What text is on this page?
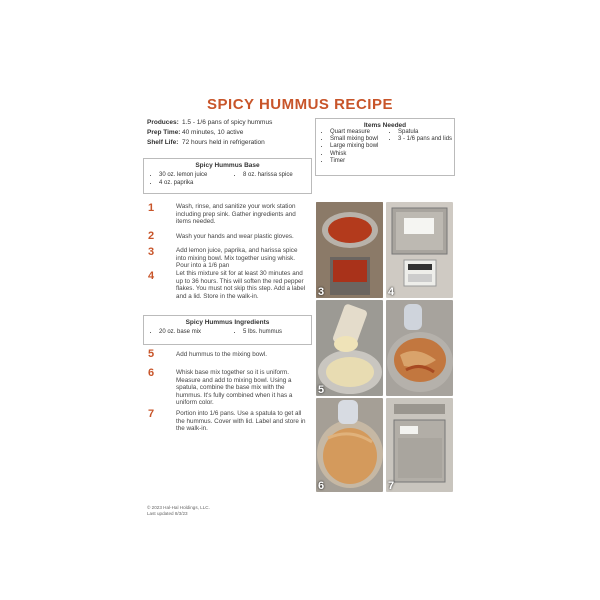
SPICY HUMMUS RECIPE
Produces: 1.5 - 1/6 pans of spicy hummus
Prep Time: 40 minutes, 10 active
Shelf Life: 72 hours held in refrigeration
Items Needed
• Quart measure
• Small mixing bowl
• Large mixing bowl
• Whisk
• Timer
• Spatula
• 3 - 1/6 pans and lids
Spicy Hummus Base
• 30 oz. lemon juice
• 4 oz. paprika
• 8 oz. harissa spice
Spicy Hummus Ingredients
• 20 oz. base mix
•	5 lbs. hummus
1	Wash, rinse, and sanitize your work station including prep sink. Gather ingredients and items needed.
2	Wash your hands and wear plastic gloves.
3	Add lemon juice, paprika, and harissa spice into mixing bowl. Mix together using whisk. Pour into a 1/6 pan
4	Let this mixture sit for at least 30 minutes and up to 36 hours. This will soften the red pepper flakes. You must not skip this step. Add a label and a lid. Store in the walk-in.
5	Add hummus to the mixing bowl.
6	Whisk base mix together so it is uniform. Measure and add to mixing bowl. Using a spatula, combine the base mix with the hummus. It's fully combined when it has a uniform color.
7	Portion into 1/6 pans. Use a spatula to get all the hummus. Cover with lid. Label and store in the walk-in.
3	4
5
6	7
© 2023 Hal-Hal Holdings, LLC.
Last updated 8/3/23
